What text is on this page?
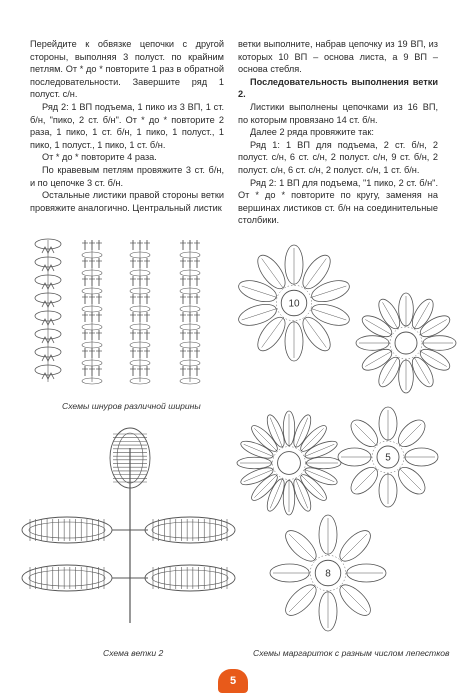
Перейдите к обвязке цепочки с другой стороны, выполняя 3 полуст. по крайним петлям. От * до * повторите 1 раз в обратной последовательности. Завершите ряд 1 полуст. с/н.

Ряд 2: 1 ВП подъема, 1 пико из 3 ВП, 1 ст. б/н, "пико, 2 ст. б/н". От * до * повторите 2 раза, 1 пико, 1 ст. б/н, 1 пико, 1 полуст., 1 пико, 1 полуст., 1 пико, 1 ст. б/н.

От * до * повторите 4 раза.

По кравевым петлям провяжите 3 ст. б/н, и по цепочке 3 ст. б/н.

Остальные листики правой стороны ветки провяжите аналогично. Центральный листик

ветки выполните, набрав цепочку из 19 ВП, из которых 10 ВП – основа листа, а 9 ВП – основа стебля.

Последовательность выполнения ветки 2.

Листики выполнены цепочками из 16 ВП, по которым провязано 14 ст. б/н.

Далее 2 ряда провяжите так:

Ряд 1: 1 ВП для подъема, 2 ст. б/н, 2 полуст. с/н, 6 ст. с/н, 2 полуст. с/н, 9 ст. б/н, 2 полуст. с/н, 6 ст. с/н, 2 полуст. с/н, 1 ст. б/н.

Ряд 2: 1 ВП для подъема, "1 пико, 2 ст. б/н". От * до * повторите по кругу, заменяя на вершинах листиков ст. б/н на соединительные столбики.

Схемы шнуров различной ширины
Схема ветки 2
10
5
8
Схемы маргариток с разным числом лепестков
5
